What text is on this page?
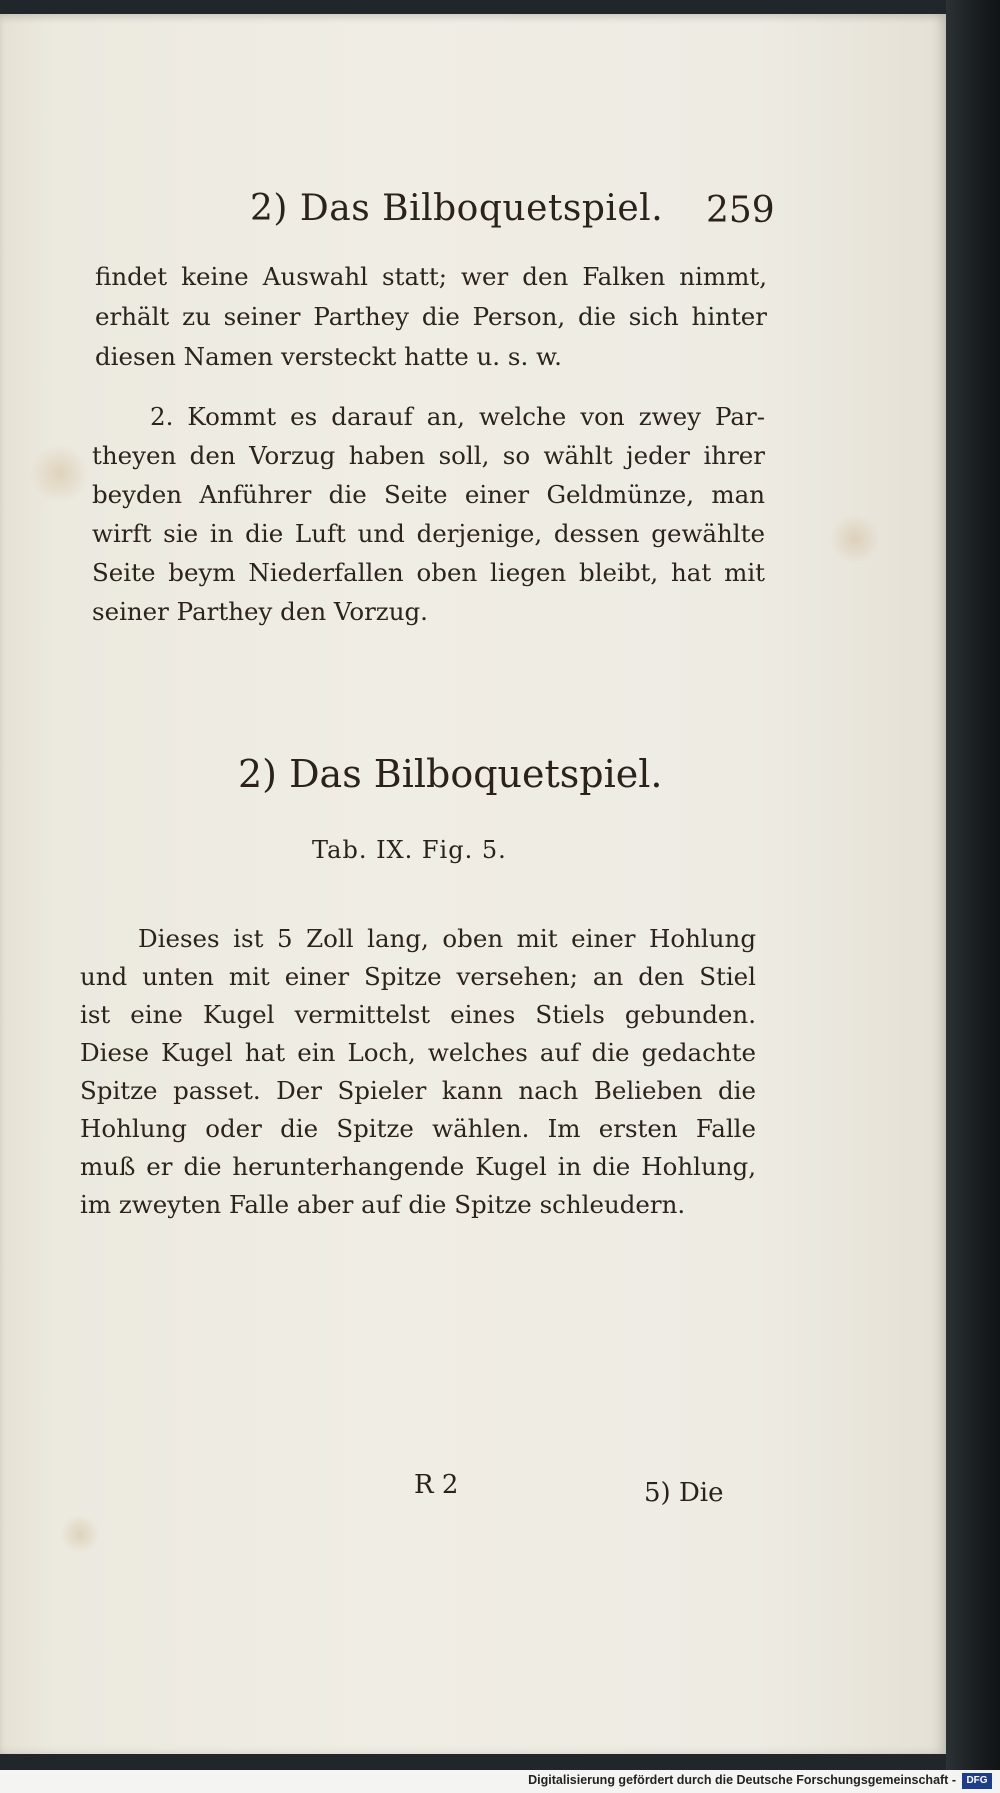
2) Das Bilboquetspiel.	259
findet keine Auswahl statt; wer den Falken nimmt,
erhält zu seiner Parthey die Person, die sich hinter
diesen Namen versteckt hatte u. s. w.
2. Kommt es darauf an, welche von zwey Par-
theyen den Vorzug haben soll, so wählt jeder ihrer
beyden Anführer die Seite einer Geldmünze, man
wirft sie in die Luft und derjenige, dessen gewählte
Seite beym Niederfallen oben liegen bleibt, hat mit
seiner Parthey den Vorzug.
2) Das Bilboquetspiel.
Tab. IX. Fig. 5.
Dieses ist 5 Zoll lang, oben mit einer Hohlung
und unten mit einer Spitze versehen; an den Stiel
ist eine Kugel vermittelst eines Stiels gebunden.
Diese Kugel hat ein Loch, welches auf die gedachte
Spitze passet. Der Spieler kann nach Belieben die
Hohlung oder die Spitze wählen. Im ersten Falle
muß er die herunterhangende Kugel in die Hohlung,
im zweyten Falle aber auf die Spitze schleudern.
R 2	5) Die
Digitalisierung gefördert durch die Deutsche Forschungsgemeinschaft -	DFG
